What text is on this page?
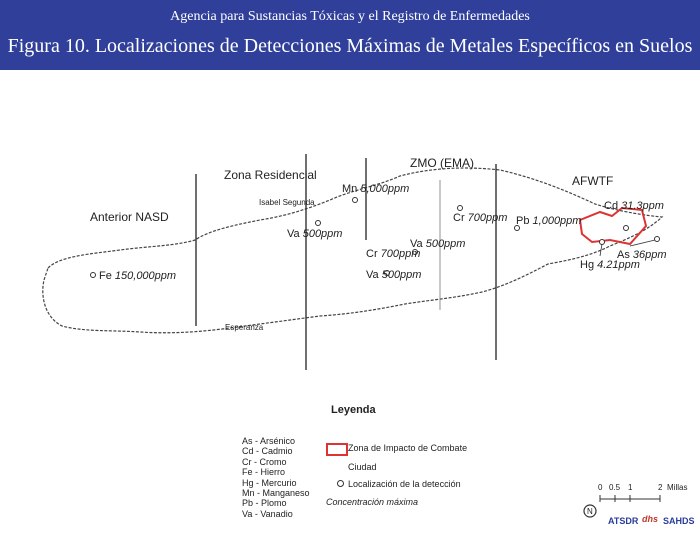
Agencia para Sustancias Tóxicas y el Registro de Enfermedades
Figura 10. Localizaciones de Detecciones Máximas de Metales Específicos en Suelos
N
Anterior NASD
Zona Residencial
ZMO (EMA)
AFWTF
Isabel Segunda
Esperanza
Fe 150,000ppm
Va 500ppm
Mn 5,000ppm
Cr 700ppm
Va 500ppm
Cr 700ppm
Va 500ppm
Pb 1,000ppm
Cd 31.3ppm
As 36ppm
Hg 4.21ppm
Leyenda
As - Arsénico
Cd - Cadmio
Cr - Cromo
Fe - Hierro
Hg - Mercurio
Mn - Manganeso
Pb - Plomo
Va - Vanadio
Zona de Impacto de Combate
Ciudad
Localización de la detección
Concentración máxima
0 0.5 1	2 Millas
ATSDR dhs SAHDS
